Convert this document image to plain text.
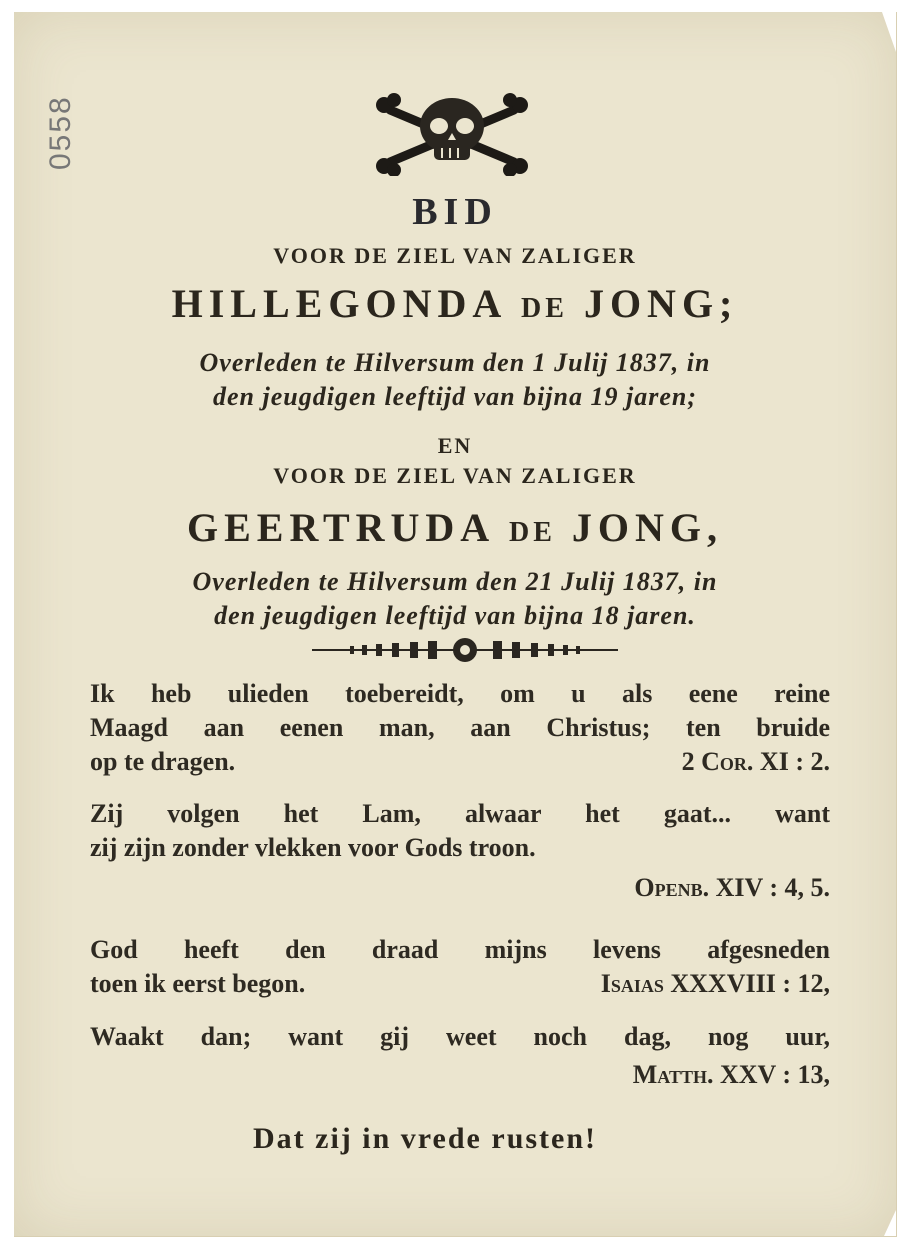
0558
BID
VOOR DE ZIEL VAN ZALIGER
HILLEGONDA DE JONG;
Overleden te Hilversum den 1 Julij 1837, in
den jeugdigen leeftijd van bijna 19 jaren;
EN
VOOR DE ZIEL VAN ZALIGER
GEERTRUDA DE JONG,
Overleden te Hilversum den 21 Julij 1837, in
den jeugdigen leeftijd van bijna 18 jaren.

Ik heb ulieden toebereidt, om u als eene reine

Maagd aan eenen man, aan Christus; ten bruide

op te dragen.	2 Cor. XI : 2.

Zij volgen het Lam, alwaar het gaat... want

zij zijn zonder vlekken voor Gods troon.

Openb. XIV : 4, 5.

God heeft den draad mijns levens afgesneden

toen ik eerst begon.	Isaias XXXVIII : 12,

Waakt dan; want gij weet noch dag, nog uur,

Matth. XXV : 13,

Dat zij in vrede rusten!
